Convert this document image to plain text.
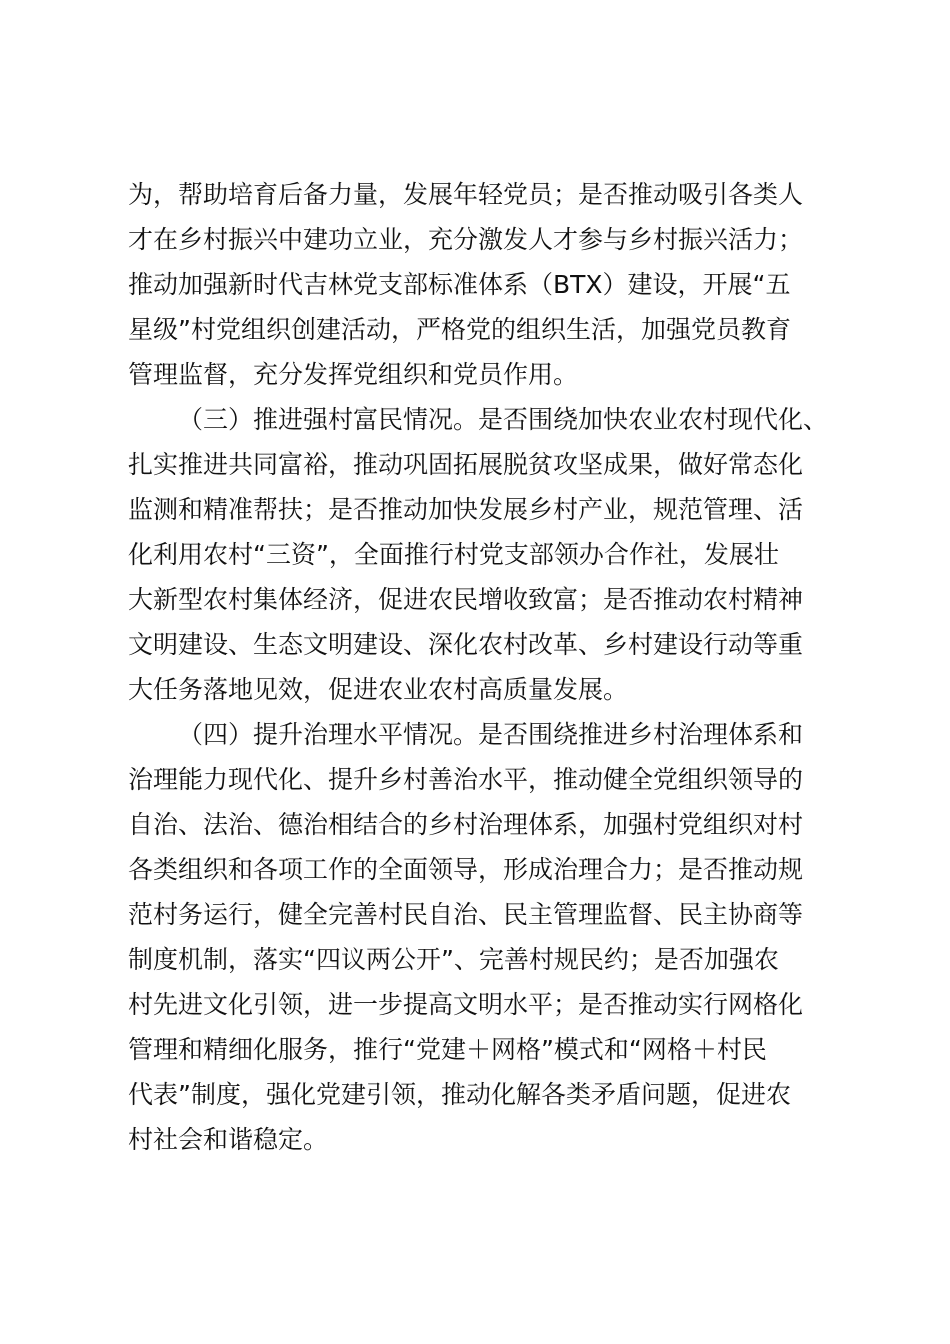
为，帮助培育后备力量，发展年轻党员；是否推动吸引各类人
才在乡村振兴中建功立业，充分激发人才参与乡村振兴活力；
推动加强新时代吉林党支部标准体系（BTX）建设，开展“五
星级”村党组织创建活动，严格党的组织生活，加强党员教育
管理监督，充分发挥党组织和党员作用。
（三）推进强村富民情况。是否围绕加快农业农村现代化、
扎实推进共同富裕，推动巩固拓展脱贫攻坚成果，做好常态化
监测和精准帮扶；是否推动加快发展乡村产业，规范管理、活
化利用农村“三资”，全面推行村党支部领办合作社，发展壮
大新型农村集体经济，促进农民增收致富；是否推动农村精神
文明建设、生态文明建设、深化农村改革、乡村建设行动等重
大任务落地见效，促进农业农村高质量发展。
（四）提升治理水平情况。是否围绕推进乡村治理体系和
治理能力现代化、提升乡村善治水平，推动健全党组织领导的
自治、法治、德治相结合的乡村治理体系，加强村党组织对村
各类组织和各项工作的全面领导，形成治理合力；是否推动规
范村务运行，健全完善村民自治、民主管理监督、民主协商等
制度机制，落实“四议两公开”、完善村规民约；是否加强农
村先进文化引领，进一步提高文明水平；是否推动实行网格化
管理和精细化服务，推行“党建＋网格”模式和“网格＋村民
代表”制度，强化党建引领，推动化解各类矛盾问题，促进农
村社会和谐稳定。
